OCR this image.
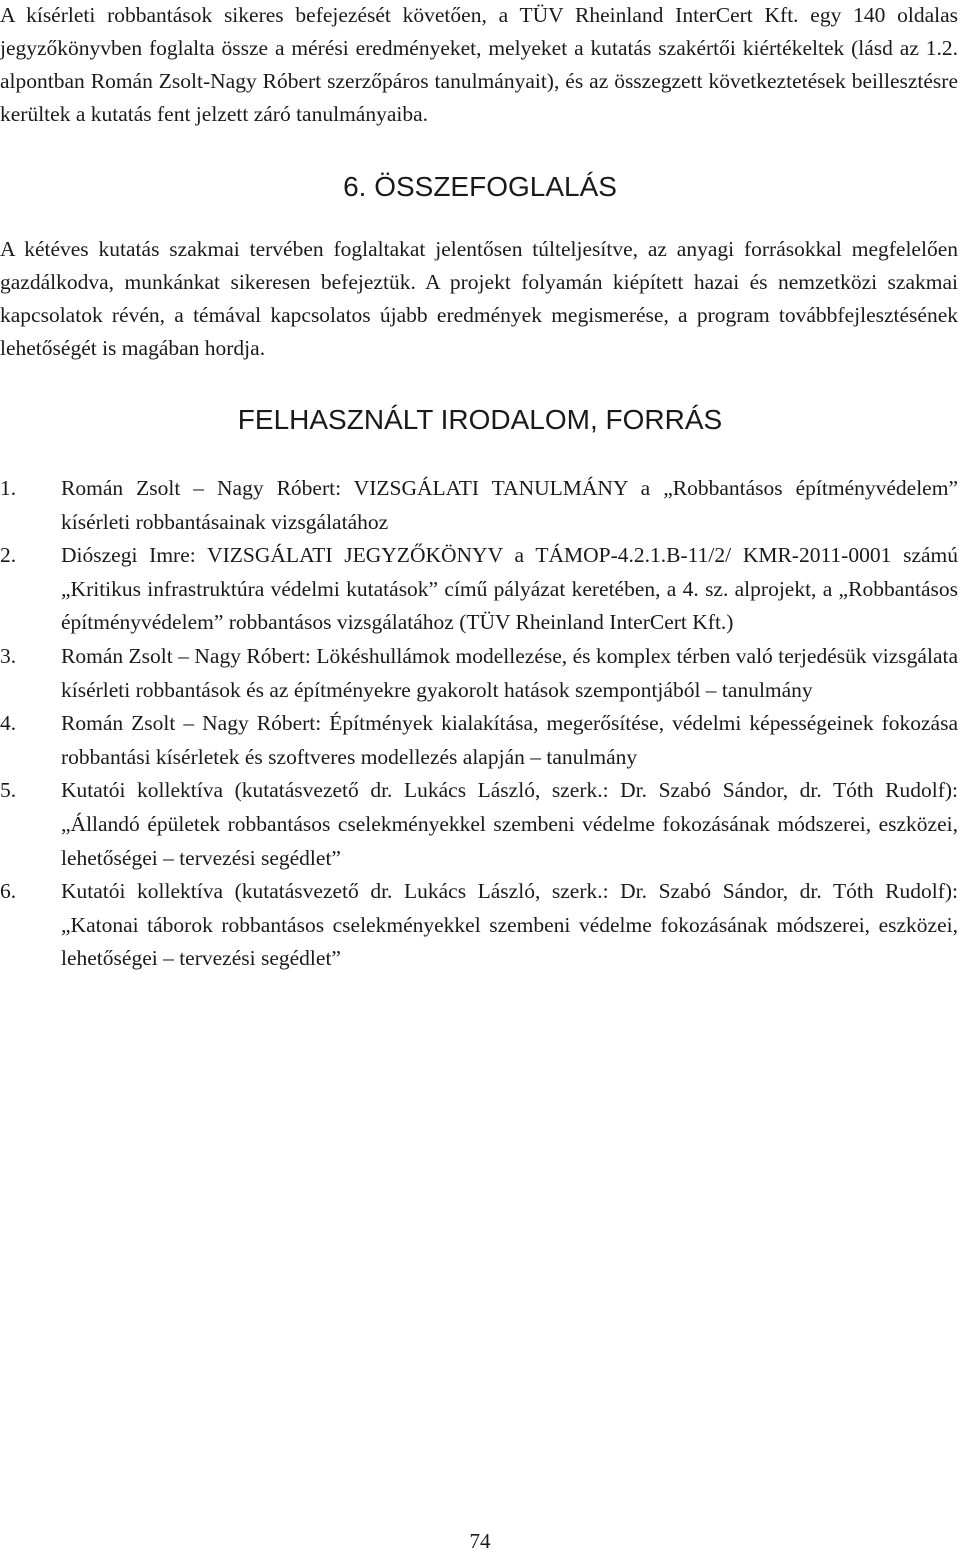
A kísérleti robbantások sikeres befejezését követően, a TÜV Rheinland InterCert Kft. egy 140 oldalas jegyzőkönyvben foglalta össze a mérési eredményeket, melyeket a kutatás szakértői kiértékeltek (lásd az 1.2. alpontban Román Zsolt-Nagy Róbert szerzőpáros tanulmányait), és az összegzett következtetések beillesztésre kerültek a kutatás fent jelzett záró tanulmányaiba.

6. ÖSSZEFOGLALÁS

A kétéves kutatás szakmai tervében foglaltakat jelentősen túlteljesítve, az anyagi forrásokkal megfelelően gazdálkodva, munkánkat sikeresen befejeztük. A projekt folyamán kiépített hazai és nemzetközi szakmai kapcsolatok révén, a témával kapcsolatos újabb eredmények megismerése, a program továbbfejlesztésének lehetőségét is magában hordja.

FELHASZNÁLT IRODALOM, FORRÁS
1. Román Zsolt – Nagy Róbert: VIZSGÁLATI TANULMÁNY a „Robbantásos építményvédelem” kísérleti robbantásainak vizsgálatához
2. Diószegi Imre: VIZSGÁLATI JEGYZŐKÖNYV a TÁMOP-4.2.1.B-11/2/ KMR-2011-0001 számú „Kritikus infrastruktúra védelmi kutatások” című pályázat keretében, a 4. sz. alprojekt, a „Robbantásos építményvédelem” robbantásos vizsgálatához (TÜV Rheinland InterCert Kft.)
3. Román Zsolt – Nagy Róbert: Lökéshullámok modellezése, és komplex térben való terjedésük vizsgálata kísérleti robbantások és az építményekre gyakorolt hatások szempontjából – tanulmány
4. Román Zsolt – Nagy Róbert: Építmények kialakítása, megerősítése, védelmi képességeinek fokozása robbantási kísérletek és szoftveres modellezés alapján – tanulmány
5. Kutatói kollektíva (kutatásvezető dr. Lukács László, szerk.: Dr. Szabó Sándor, dr. Tóth Rudolf): „Állandó épületek robbantásos cselekményekkel szembeni védelme fokozásának módszerei, eszközei, lehetőségei – tervezési segédlet”
6. Kutatói kollektíva (kutatásvezető dr. Lukács László, szerk.: Dr. Szabó Sándor, dr. Tóth Rudolf): „Katonai táborok robbantásos cselekményekkel szembeni védelme fokozásának módszerei, eszközei, lehetőségei – tervezési segédlet”

74
